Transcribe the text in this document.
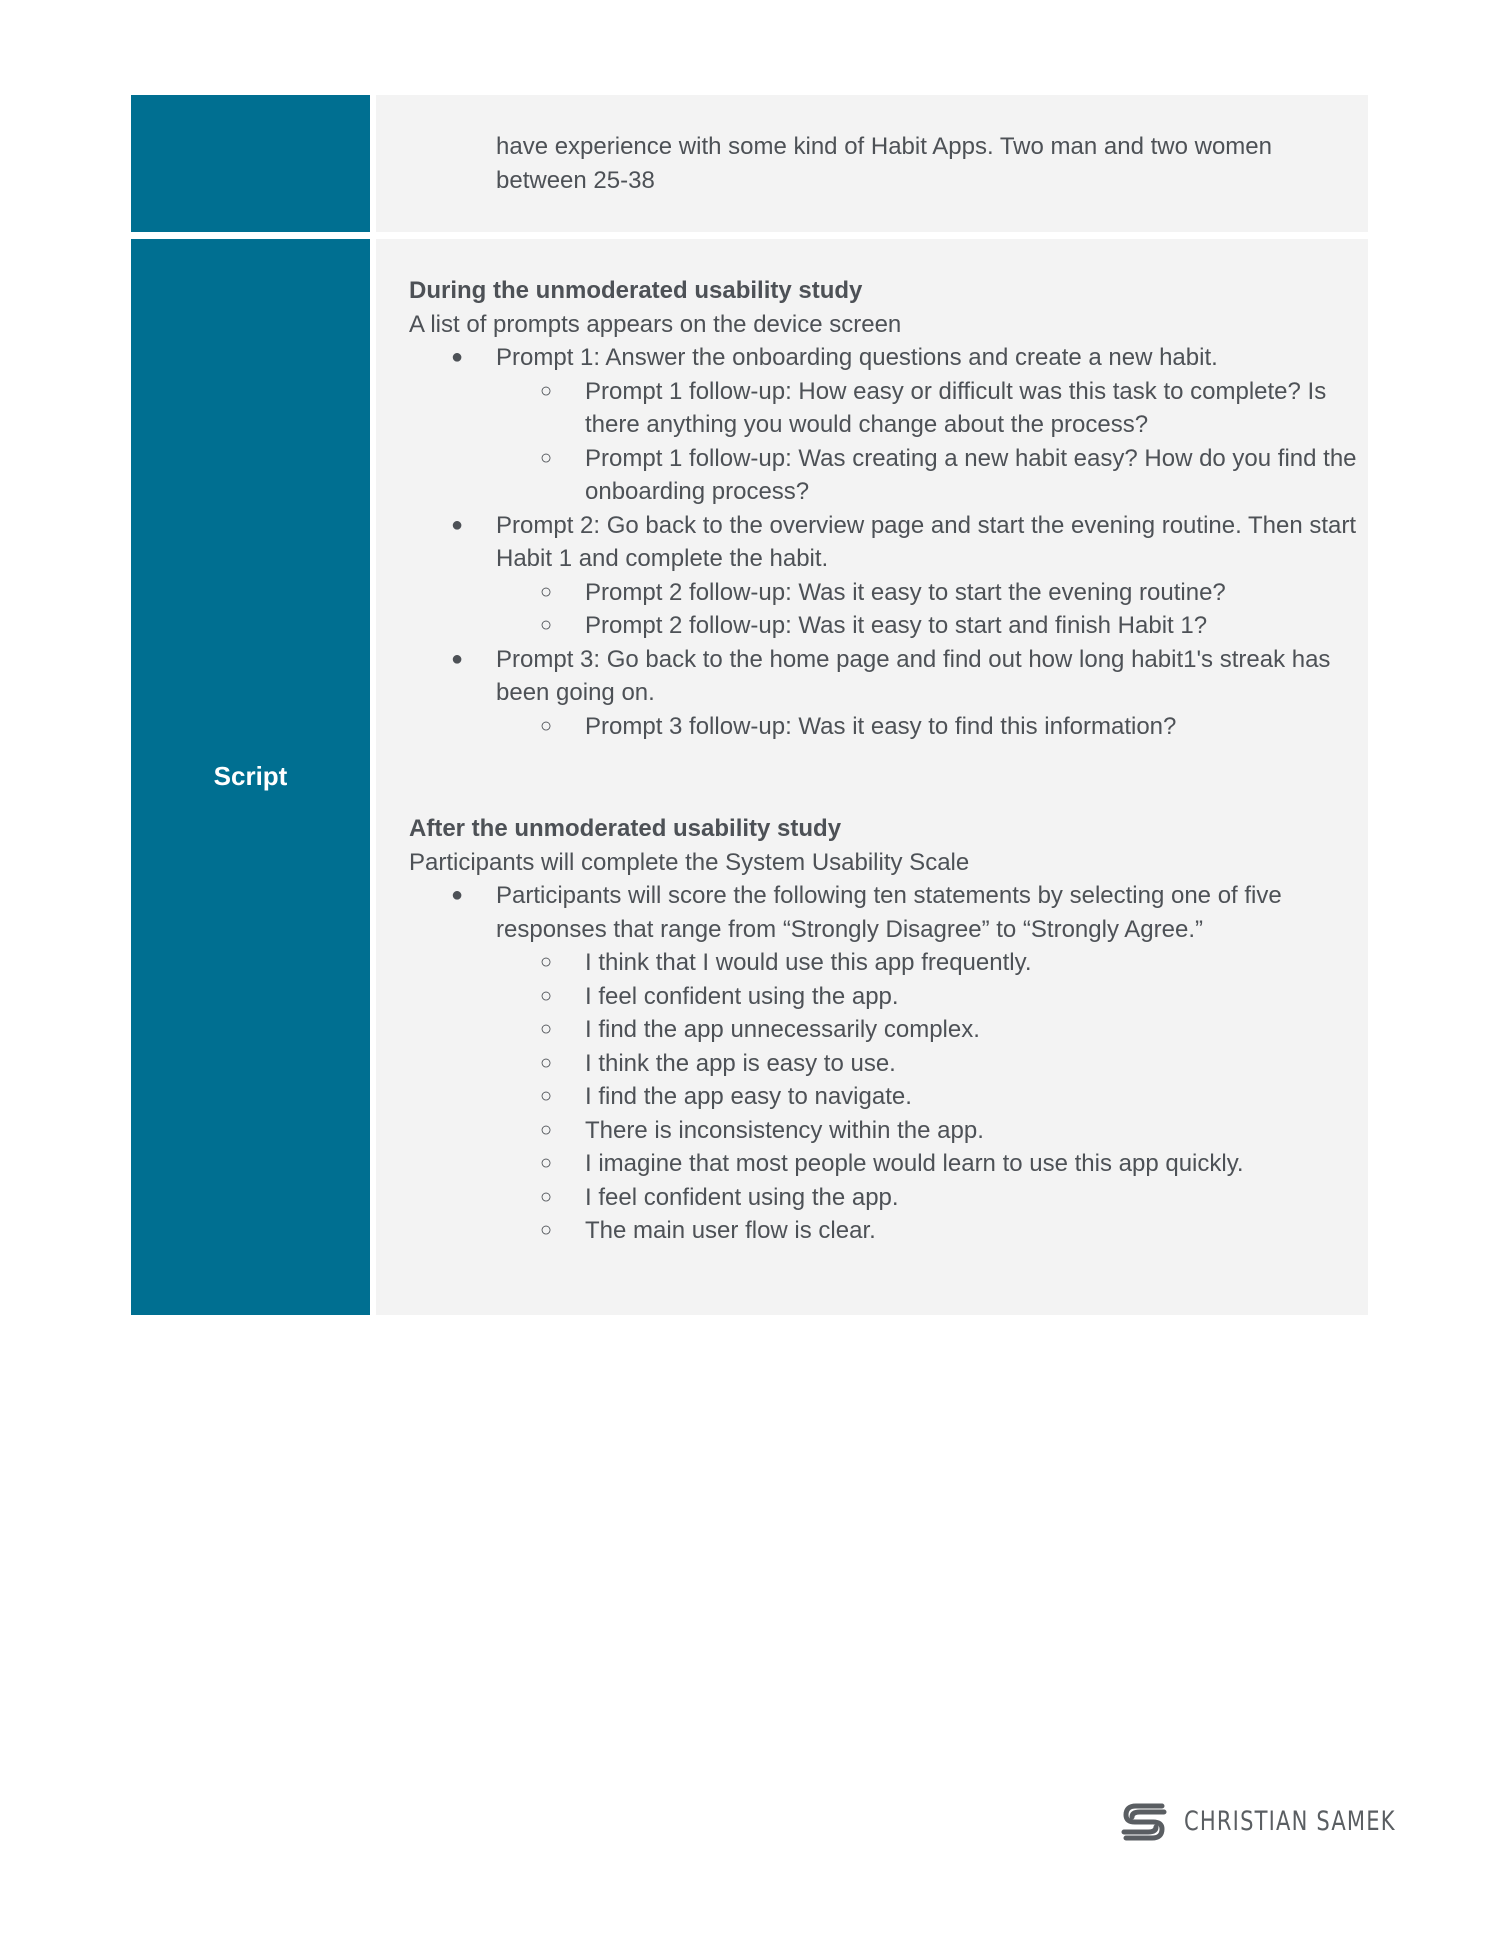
have experience with some kind of Habit Apps. Two man and two women between 25-38
Script
During the unmoderated usability study
A list of prompts appears on the device screen
● Prompt 1: Answer the onboarding questions and create a new habit.
○ Prompt 1 follow-up: How easy or difficult was this task to complete? Is there anything you would change about the process?
○ Prompt 1 follow-up: Was creating a new habit easy? How do you find the onboarding process?
● Prompt 2: Go back to the overview page and start the evening routine. Then start Habit 1 and complete the habit.
○ Prompt 2 follow-up: Was it easy to start the evening routine?
○ Prompt 2 follow-up: Was it easy to start and finish Habit 1?
● Prompt 3: Go back to the home page and find out how long habit1's streak has been going on.
○ Prompt 3 follow-up: Was it easy to find this information?
After the unmoderated usability study
Participants will complete the System Usability Scale
● Participants will score the following ten statements by selecting one of five responses that range from “Strongly Disagree” to “Strongly Agree.”
○ I think that I would use this app frequently.
○ I feel confident using the app.
○ I find the app unnecessarily complex.
○ I think the app is easy to use.
○ I find the app easy to navigate.
○ There is inconsistency within the app.
○ I imagine that most people would learn to use this app quickly.
○ I feel confident using the app.
○ The main user flow is clear.
CHRISTIAN SAMEK
